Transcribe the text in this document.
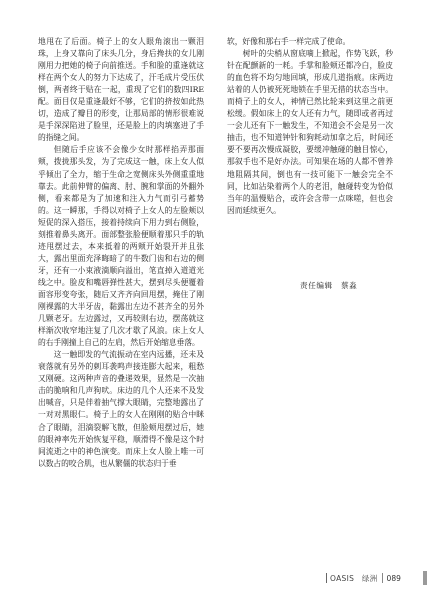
地甩在了后面。椅子上的女人眼角滚出一颗泪珠，上身又靠向了床头几分，身后搀扶的女儿刚刚用力把她的椅子向前推送。手和脸的重逢就这样在两个女人的努力下达成了，汗毛成片受压伏倒，两者终于贴在一起，重现了它们的数四IRE配。面目仅是重逢最好不够，它们的挤按如此热切，造成了瓣目的形变，让那局部的情形很难说是手深深陷进了脸里，还是脸上的肉填塞进了手的指缝之间。

但随后手应该不会像少女时那样掐弄那面颊，拨拢那头发，为了完成这一触，床上女人似乎倾出了全力，缩于生命之宽侧床头外侧重重地靠去。此前伸臂的偏离、肘、腕和掌面的外翻外侧，看来都是为了加速和注入力气而引弓蓄势的。这一瞬那，手得以对椅子上女人的左脸颊以短促的深入搭压，接着持续向下用力到右侧脸，刻推着鼻头离开。面部整张脸便顺着那只手的轨迹甩摆过去，本来抵着的两颊开始裂开并且张大，露出里面充泽晦暗了的牛数门齿和右边的侧牙，还有一小束液滴顺向溢出，笔直掉入道道光线之中。脸皮和嘴唇弹性甚大，摆到尽头便覆着面容形变夸张，随后又齐齐向回甩摆，掩住了刚刚裸露的大半牙齿，黏露出左边不甚齐全的另外几颗老牙。左边露过，又再较则右边，摆荡就这样渐次收窄地注复了几次才歇了风浪。床上女人的右手刚撞上自己的左肩，然后开始缩息垂落。

这一触即发的气流振动在室内远播，还未及衰落就有另外的刺耳袭鸣声接连膨大起来，粗愁又刚硬。这两种声音的叠递效果，显然是一次抽击的脆响和几声狗吠。床边的几个人还来不及发出喊音，只是伴着抽气撑大眼睛，完整地露出了一对对黑眼仁。椅子上的女人在刚刚的贴合中眯合了眼睛，泪滴裂解飞散，但脸颊甩摆过后，她的眼神率先开始恢复平稳，顺滑得不像是这个时间流逝之中的神色演变。而床上女人脸上唯一可以数占的咬合肌，也从繁僵的状态归于垂

软，好像和那右手一样完成了使命。

树叶的尖梢从窗底嘀上掀起，作势飞跃，秒针在配颤新的一耗。手掌和脸颊还都冷白，脸皮的血色将不均匀地回填，形成几道指痕。床两边站着的人仍被死死地锁在手里无措的状态当中。而椅子上的女人，神情已然比轮来到这里之前更松缓。假如床上的女人还有力气，随即或者再过一会儿还有下一触发生，不知道会不会是另一次抽击，也不知道钟针和狗耗动加拿之后，时间还要不要再次慢成凝胶，要缓冲触碰的触目惊心，那叙手也不是好办法。可知果在场的人都不曾养地阻隔其间，倒也有一技可能下一触会完全不同，比如沾染着两个人的老泪，触碰转变为恰似当年的温慢贴合，或许会含带一点咪嗟，但也会因而延续更久。

责任编辑　蔡淼
OASIS　绿洲 089
